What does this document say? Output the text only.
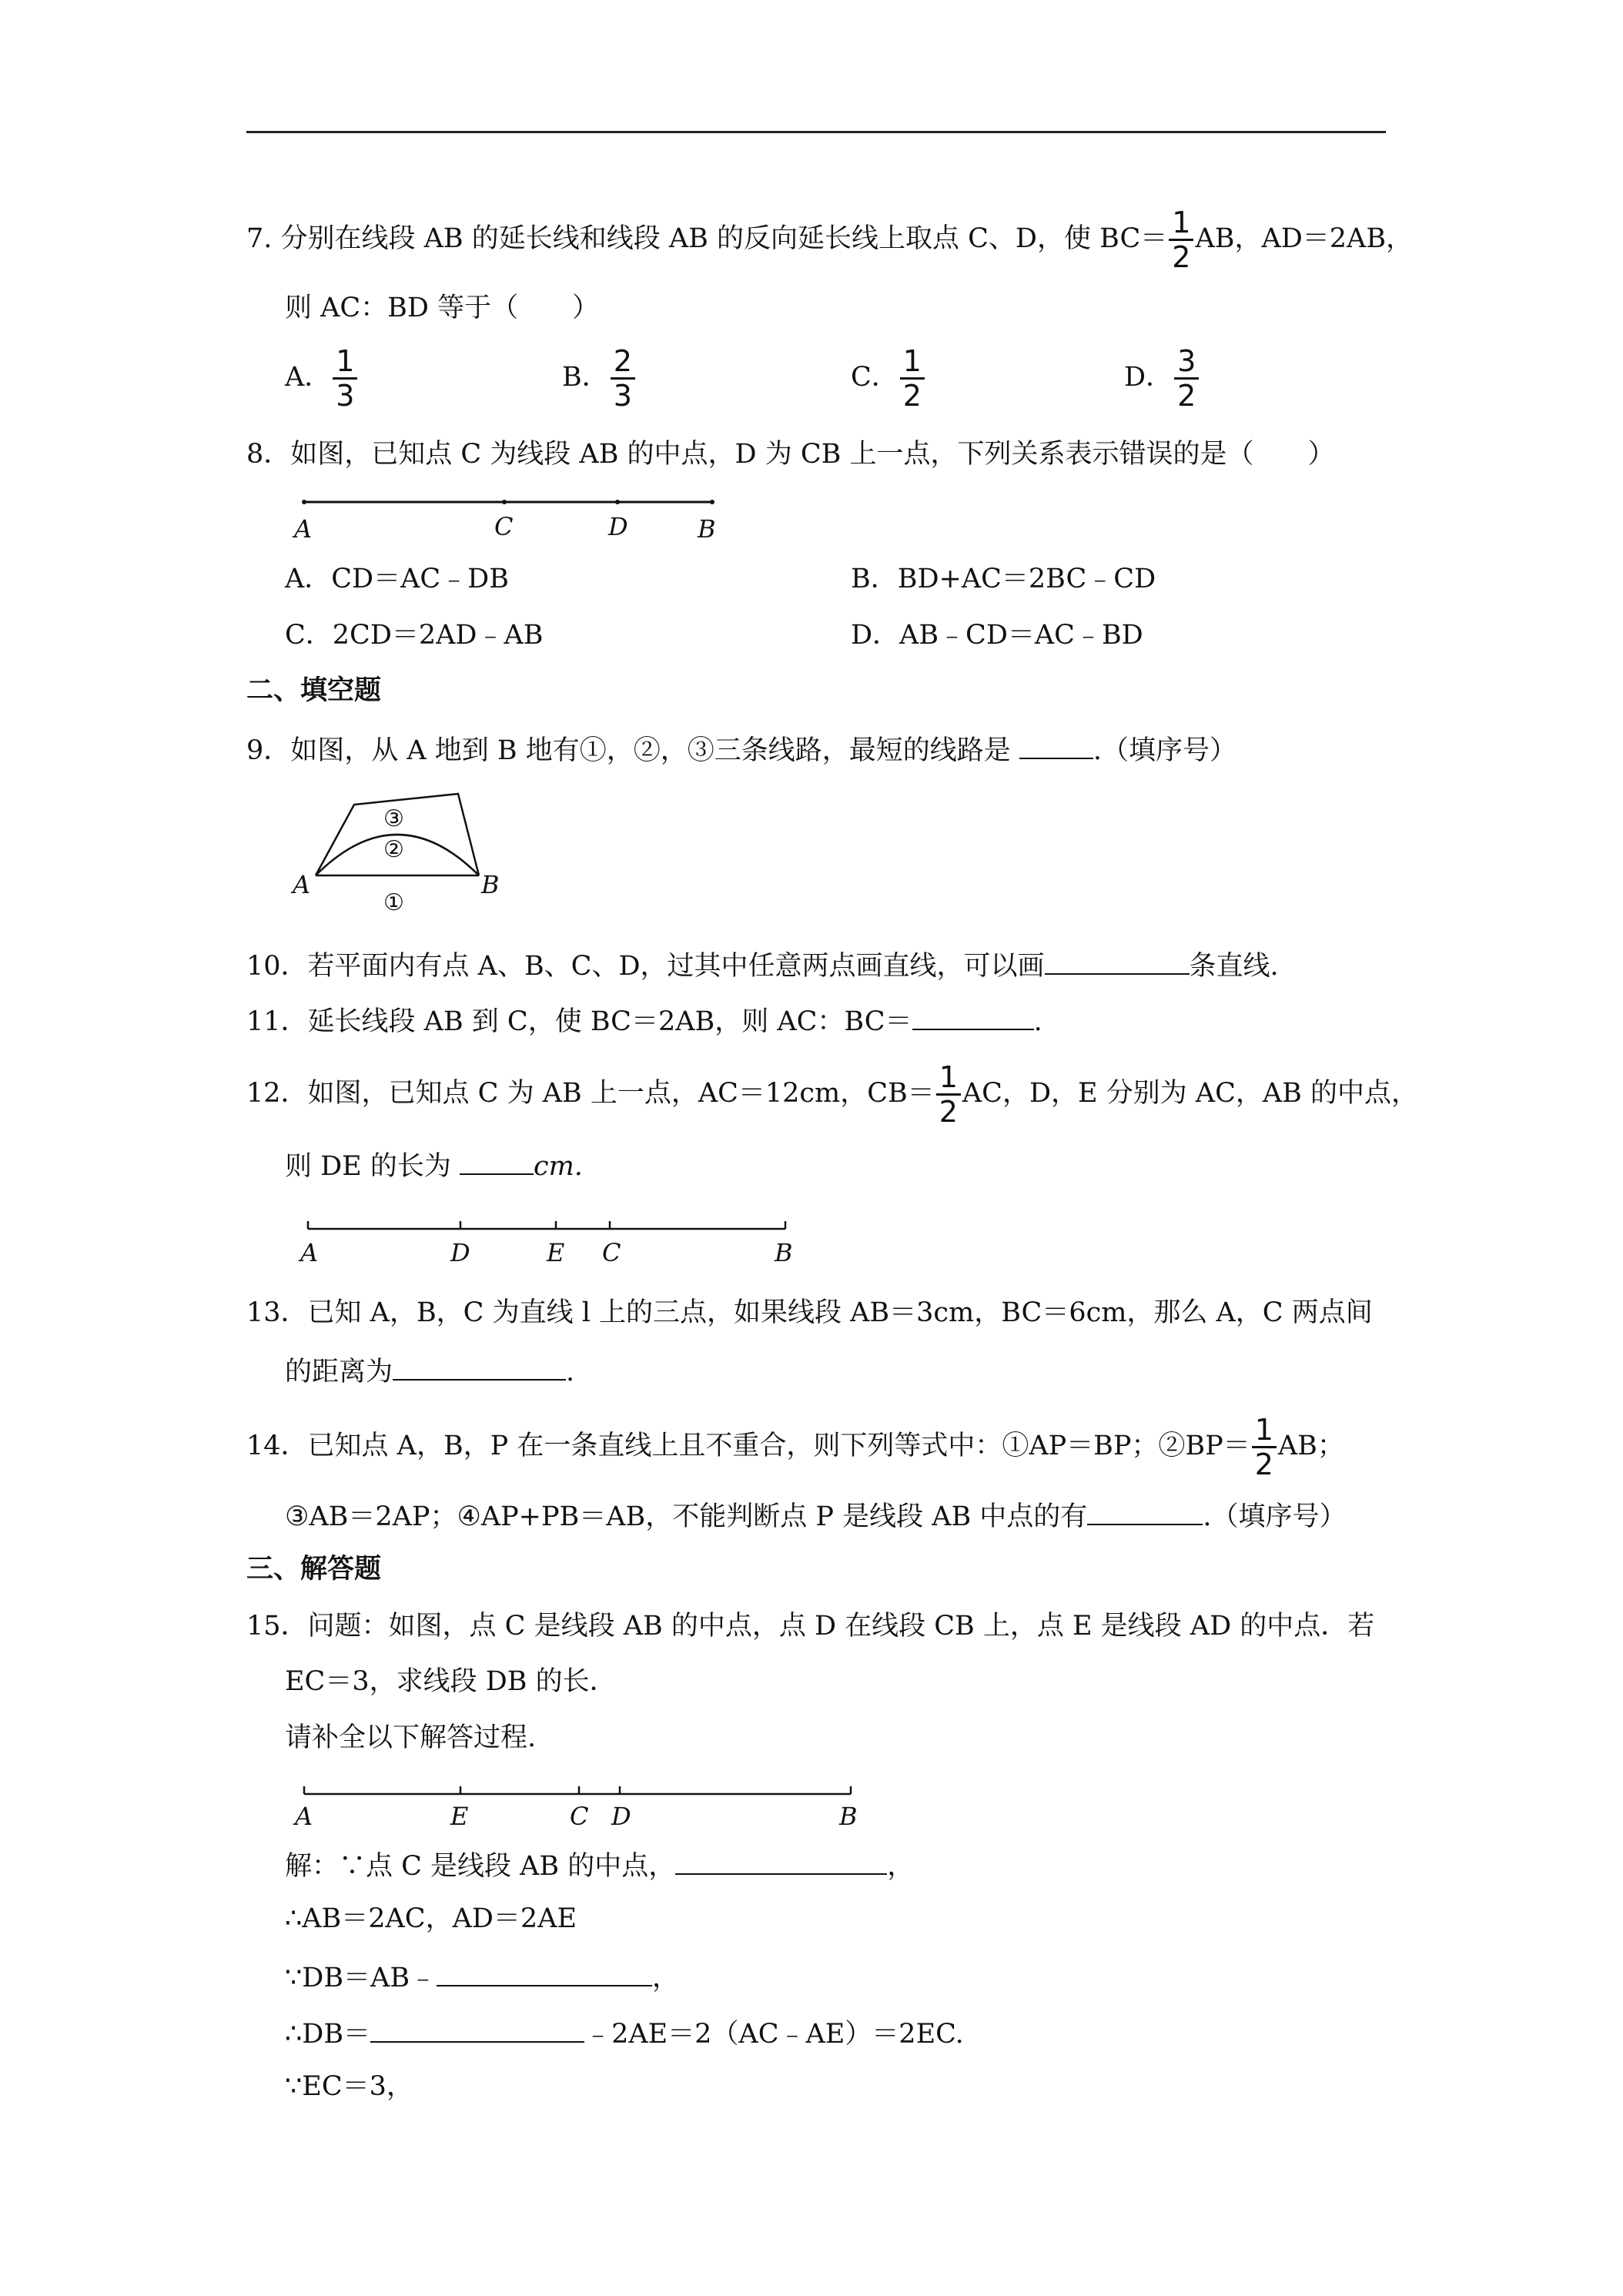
7. 分别在线段 AB 的延长线和线段 AB 的反向延长线上取点 C、D，使 $BC= \frac{1}{2}$ AB，AD＝2AB，
则 AC：BD 等于（　　）
A． $\frac{1}{3}$	B． $\frac{2}{3}$	C． $\frac{1}{2}$	D． $\frac{3}{2}$
8．如图，已知点 C 为线段 AB 的中点，D 为 CB 上一点，下列关系表示错误的是（　　）
A	C	D	B
A．CD＝AC﹣DB	B．BD+AC＝2BC﹣CD
C．2CD＝2AD﹣AB	D．AB﹣CD＝AC﹣BD
二、填空题
9．如图，从 A 地到 B 地有①，②，③三条线路，最短的线路是	.（填序号）
③
②
①
A	B
10．若平面内有点 A、B、C、D，过其中任意两点画直线，可以画	条直线.
11．延长线段 AB 到 C，使 BC＝2AB，则 AC：BC＝	.
12．如图，已知点 C 为 AB 上一点，AC＝12cm，$CB= \frac{1}{2}$ AC，D，E 分别为 AC，AB 的中点，
则 DE 的长为	cm.
A	D	E C	B
13．已知 A，B，C 为直线 l 上的三点，如果线段 AB＝3cm，BC＝6cm，那么 A，C 两点间
的距离为	.
14．已知点 A，B，P 在一条直线上且不重合，则下列等式中：①AP＝BP；②BP＝ $\frac{1}{2}$ AB；
③AB＝2AP；④AP+PB＝AB，不能判断点 P 是线段 AB 中点的有	.（填序号）
三、解答题
15．问题：如图，点 C 是线段 AB 的中点，点 D 在线段 CB 上，点 E 是线段 AD 的中点．若
EC＝3，求线段 DB 的长．
请补全以下解答过程.
A	E	C D	B
解：∵点 C 是线段 AB 的中点，	，
∴AB＝2AC，AD＝2AE
∵DB＝AB﹣	，
∴DB＝	﹣2AE＝2（AC﹣AE）＝2EC.
∵EC＝3，
